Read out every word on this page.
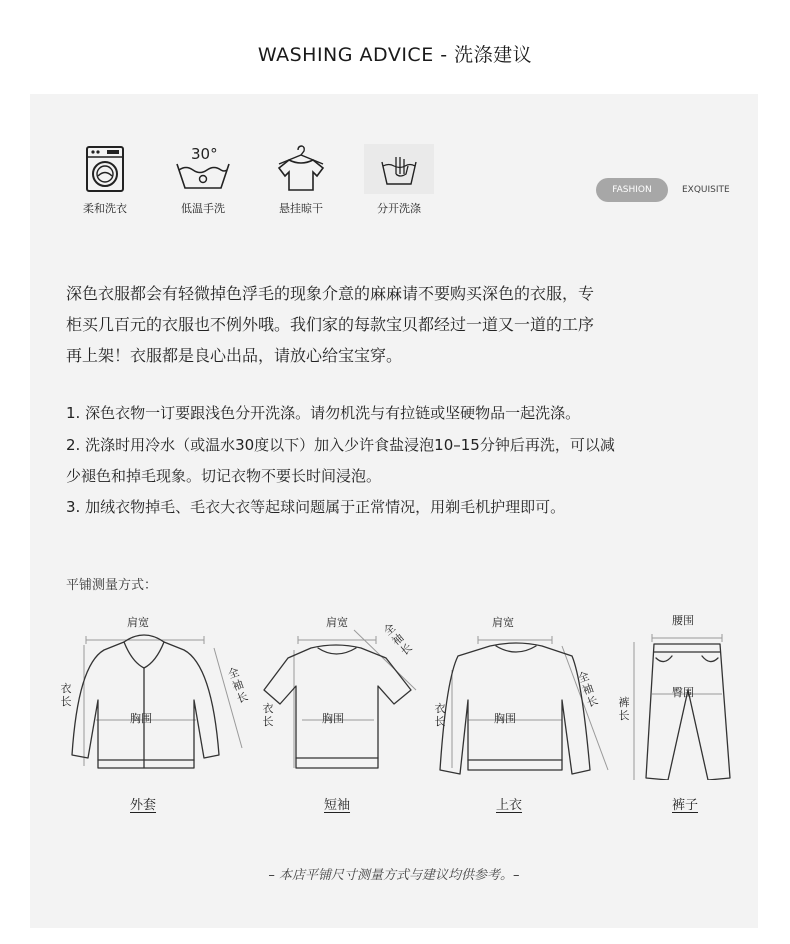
WASHING ADVICE - 洗涤建议
柔和洗衣
30°
低温手洗	悬挂晾干	分开洗涤
FASHION	EXQUISITE
深色衣服都会有轻微掉色浮毛的现象介意的麻麻请不要购买深色的衣服，专
柜买几百元的衣服也不例外哦。我们家的每款宝贝都经过一道又一道的工序
再上架！衣服都是良心出品，请放心给宝宝穿。
1. 深色衣物一订要跟浅色分开洗涤。请勿机洗与有拉链或坚硬物品一起洗涤。
2. 洗涤时用冷水（或温水30度以下）加入少许食盐浸泡10–15分钟后再洗，可以减
少褪色和掉毛现象。切记衣物不要长时间浸泡。
3. 加绒衣物掉毛、毛衣大衣等起球问题属于正常情况，用剃毛机护理即可。
平铺测量方式：
肩宽
胸围
衣长
全袖长
外套
肩宽
胸围
衣长
全袖长
短袖
肩宽
胸围
衣长
全袖长
上衣
腰围
臀围
裤长
裤子
– 本店平铺尺寸测量方式与建议均供参考。–
